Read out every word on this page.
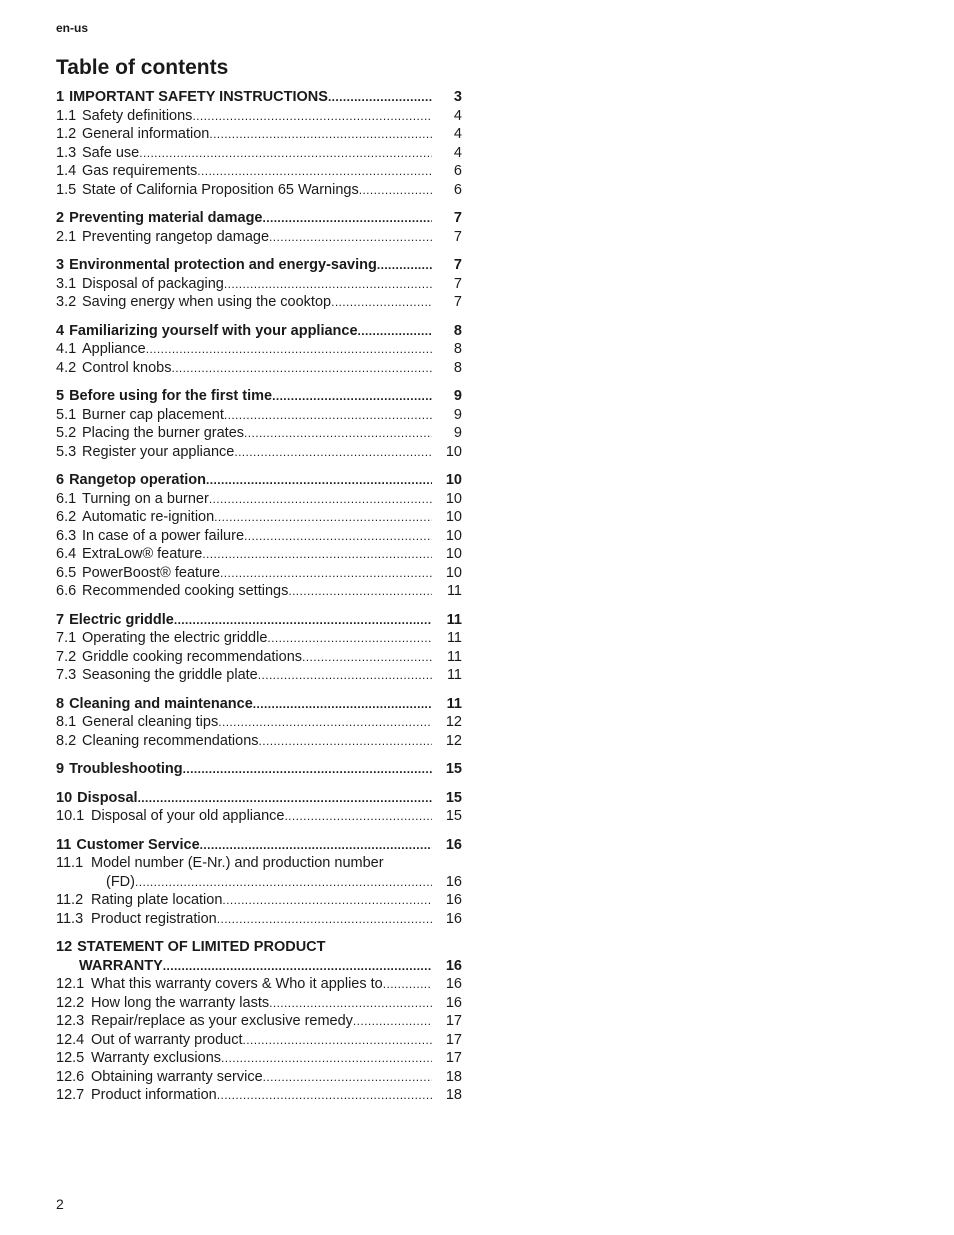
en-us
Table of contents
1 IMPORTANT SAFETY INSTRUCTIONS .....	3
1.1 Safety definitions .....	4
1.2 General information .....	4
1.3 Safe use .....	4
1.4 Gas requirements .....	6
1.5 State of California Proposition 65 Warnings .....	6
2 Preventing material damage .....	7
2.1 Preventing rangetop damage .....	7
3 Environmental protection and energy-saving .....	7
3.1 Disposal of packaging .....	7
3.2 Saving energy when using the cooktop .....	7
4 Familiarizing yourself with your appliance .....	8
4.1 Appliance .....	8
4.2 Control knobs .....	8
5 Before using for the first time .....	9
5.1 Burner cap placement .....	9
5.2 Placing the burner grates .....	9
5.3 Register your appliance .....	10
6 Rangetop operation .....	10
6.1 Turning on a burner .....	10
6.2 Automatic re-ignition .....	10
6.3 In case of a power failure .....	10
6.4 ExtraLow® feature .....	10
6.5 PowerBoost® feature .....	10
6.6 Recommended cooking settings .....	11
7 Electric griddle .....	11
7.1 Operating the electric griddle .....	11
7.2 Griddle cooking recommendations .....	11
7.3 Seasoning the griddle plate .....	11
8 Cleaning and maintenance .....	11
8.1 General cleaning tips .....	12
8.2 Cleaning recommendations .....	12
9 Troubleshooting .....	15
10 Disposal .....	15
10.1 Disposal of your old appliance .....	15
11 Customer Service .....	16
11.1 Model number (E-Nr.) and production number
(FD) .....	16
11.2 Rating plate location .....	16
11.3 Product registration .....	16
12 STATEMENT OF LIMITED PRODUCT
WARRANTY .....	16
12.1 What this warranty covers & Who it applies to .....	16
12.2 How long the warranty lasts .....	16
12.3 Repair/replace as your exclusive remedy .....	17
12.4 Out of warranty product .....	17
12.5 Warranty exclusions .....	17
12.6 Obtaining warranty service .....	18
12.7 Product information .....	18
2
